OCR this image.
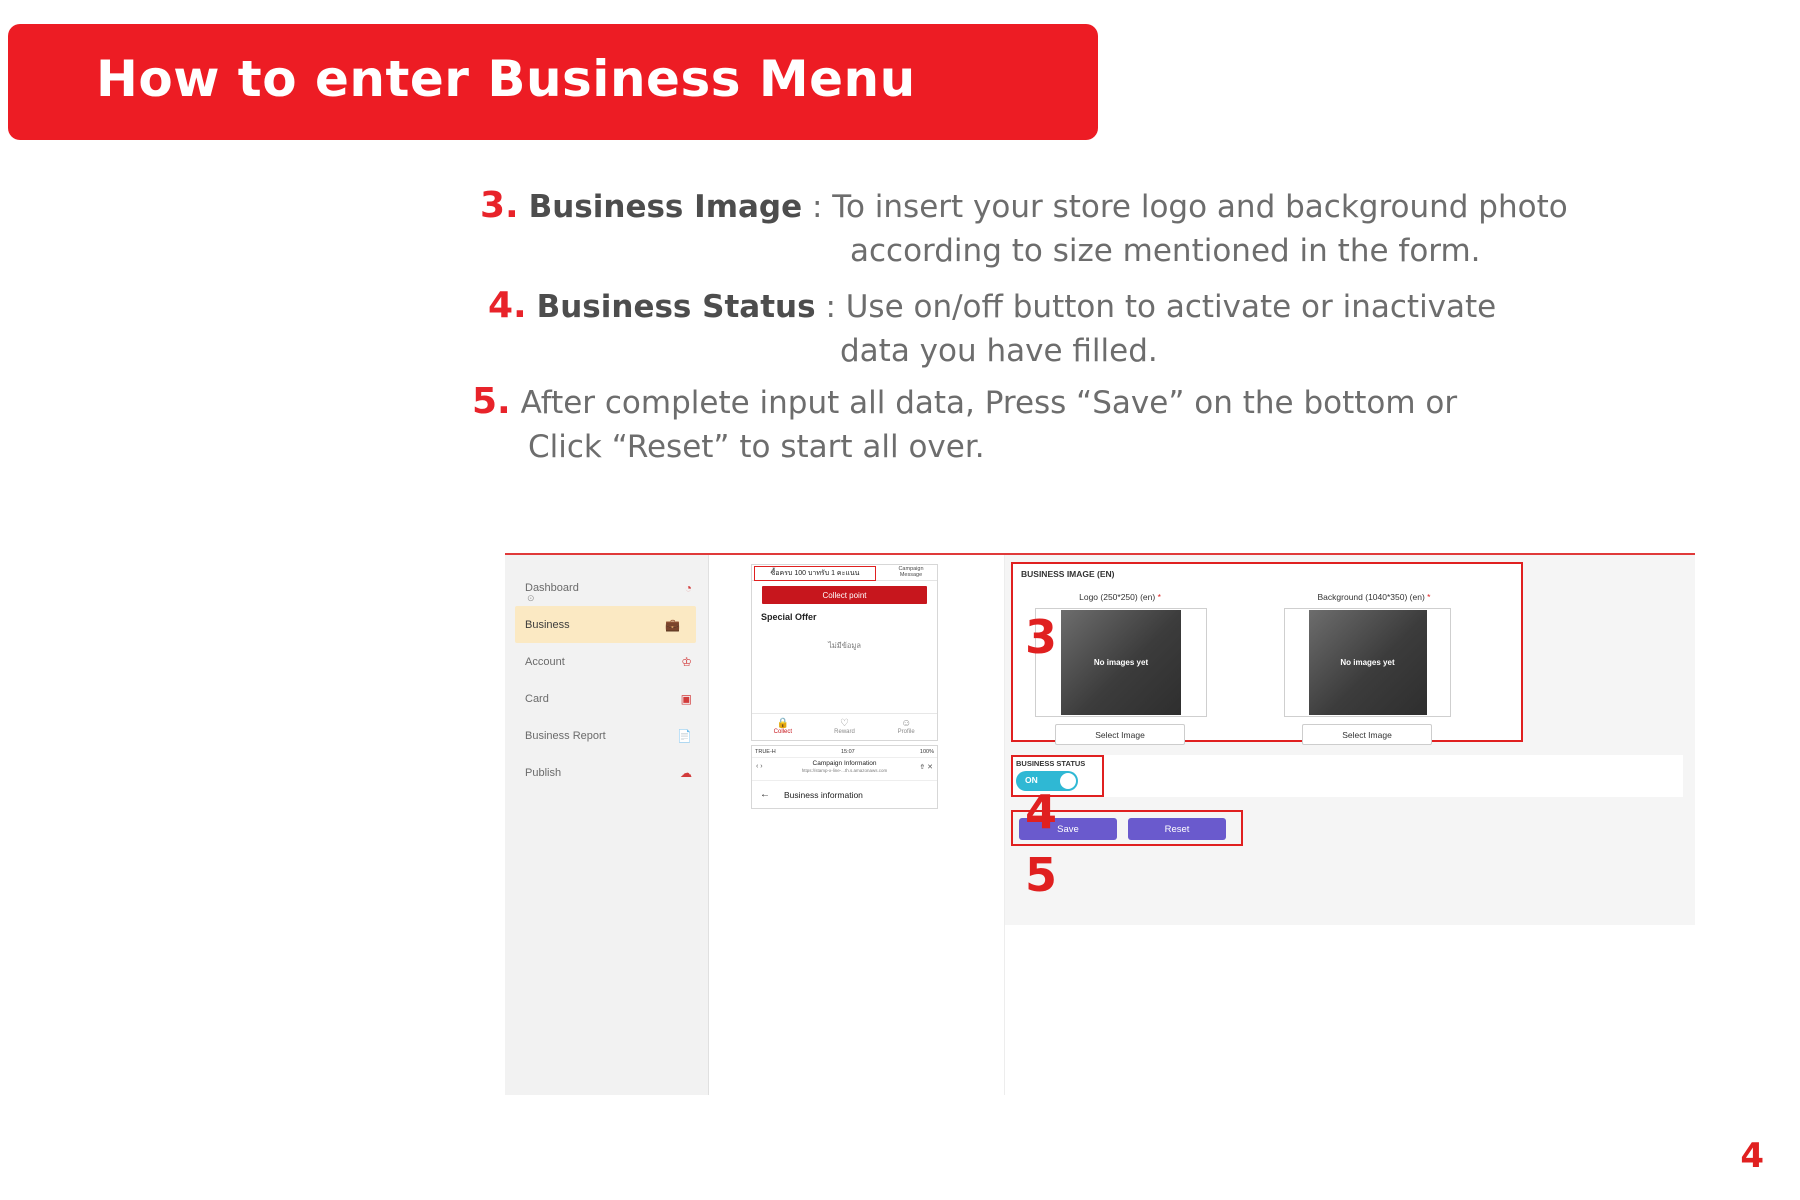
How to enter Business Menu
3. Business Image : To insert your store logo and background photo
according to size mentioned in the form.
4. Business Status : Use on/off button to activate or inactivate
data you have filled.
5. After complete input all data, Press “Save” on the bottom or
Click “Reset” to start all over.
Dashboard
⊙
◔
Business	💼
Account	♔
Card	▣
Business Report	📄
Publish	☁
ซื้อครบ 100 บาทรับ 1 คะแนน
Campaign Message
Collect point
Special Offer
ไม่มีข้อมูล
🔒
Collect
♡
Reward
☺
Profile
TRUE-H	15:07	100%
‹ ›	Campaign Information
https://stamp-x-line-...th.s.amazonaws.com	⇮ ✕
← Business information
BUSINESS IMAGE (EN)
Logo (250*250) (en) *
No images yet
Select Image
Background (1040*350) (en) *
No images yet
Select Image
BUSINESS STATUS
ON
Save	Reset
3
4
5
4
